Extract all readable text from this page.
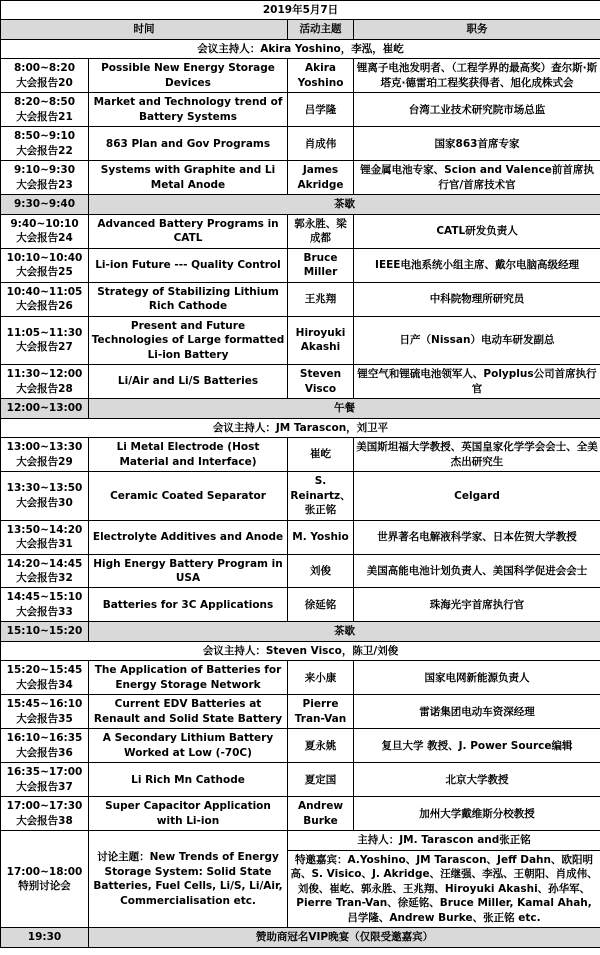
2019年5月7日			
时间		活动主题	职务
会议主持人：Akira Yoshino，李泓，崔屹			
8:00~8:20
大会报告20	Possible New Energy Storage Devices	Akira Yoshino	锂离子电池发明者、（工程学界的最高奖）查尔斯·斯塔克·德雷珀工程奖获得者、旭化成株式会
8:20~8:50
大会报告21	Market and Technology trend of Battery Systems	吕学隆	台湾工业技术研究院市场总监
8:50~9:10
大会报告22	863 Plan and Gov Programs	肖成伟	国家863首席专家
9:10~9:30
大会报告23	Systems with Graphite and Li Metal Anode	James Akridge	锂金属电池专家、Scion and Valence前首席执行官/首席技术官
9:30~9:40	茶歇		
9:40~10:10
大会报告24	Advanced Battery Programs in CATL	郭永胜、梁成都	CATL研发负责人
10:10~10:40
大会报告25	Li-ion Future --- Quality Control	Bruce Miller	IEEE电池系统小组主席、戴尔电脑高级经理
10:40~11:05
大会报告26	Strategy of Stabilizing Lithium Rich Cathode	王兆翔	中科院物理所研究员
11:05~11:30
大会报告27	Present and Future Technologies of Large formatted Li-ion Battery	Hiroyuki Akashi	日产（Nissan）电动车研发副总
11:30~12:00
大会报告28	Li/Air and Li/S Batteries	Steven Visco	锂空气和锂硫电池领军人、Polyplus公司首席执行官
12:00~13:00	午餐		
会议主持人：JM Tarascon，刘卫平			
13:00~13:30
大会报告29	Li Metal Electrode (Host Material and Interface)	崔屹	美国斯坦福大学教授、英国皇家化学学会会士、全美杰出研究生
13:30~13:50
大会报告30	Ceramic Coated Separator	S. Reinartz、张正铭	Celgard
13:50~14:20
大会报告31	Electrolyte Additives and Anode	M. Yoshio	世界著名电解液科学家、日本佐贺大学教授
14:20~14:45
大会报告32	High Energy Battery Program in USA	刘俊	美国高能电池计划负责人、美国科学促进会会士
14:45~15:10
大会报告33	Batteries for 3C Applications	徐延铭	珠海光宇首席执行官
15:10~15:20	茶歇		
会议主持人：Steven Visco，陈卫/刘俊			
15:20~15:45
大会报告34	The Application of Batteries for Energy Storage Network	来小康	国家电网新能源负责人
15:45~16:10
大会报告35	Current EDV Batteries at Renault and Solid State Battery	Pierre Tran-Van	雷诺集团电动车资深经理
16:10~16:35
大会报告36	A Secondary Lithium Battery Worked at Low (-70C)	夏永姚	复旦大学 教授、J. Power Source编辑
16:35~17:00
大会报告37	Li Rich Mn Cathode	夏定国	北京大学教授
17:00~17:30
大会报告38	Super Capacitor Application with Li-ion	Andrew Burke	加州大学戴维斯分校教授
17:00~18:00特别讨论会	讨论主题：New Trends of Energy Storage System: Solid State Batteries, Fuel Cells, Li/S, Li/Air, Commercialisation etc.	主持人：JM. Tarascon and张正铭	
		特邀嘉宾：A.Yoshino、JM Tarascon、Jeff Dahn、欧阳明高、S. Visico、J. Akridge、汪继强、李泓、王朝阳、肖成伟、刘俊、崔屹、郭永胜、王兆翔、Hiroyuki Akashi、孙华军、Pierre Tran-Van、徐延铭、Bruce Miller, Kamal Ahah, 吕学隆、Andrew Burke、张正铭 etc.	
19:30	赞助商冠名VIP晚宴（仅限受邀嘉宾）		
